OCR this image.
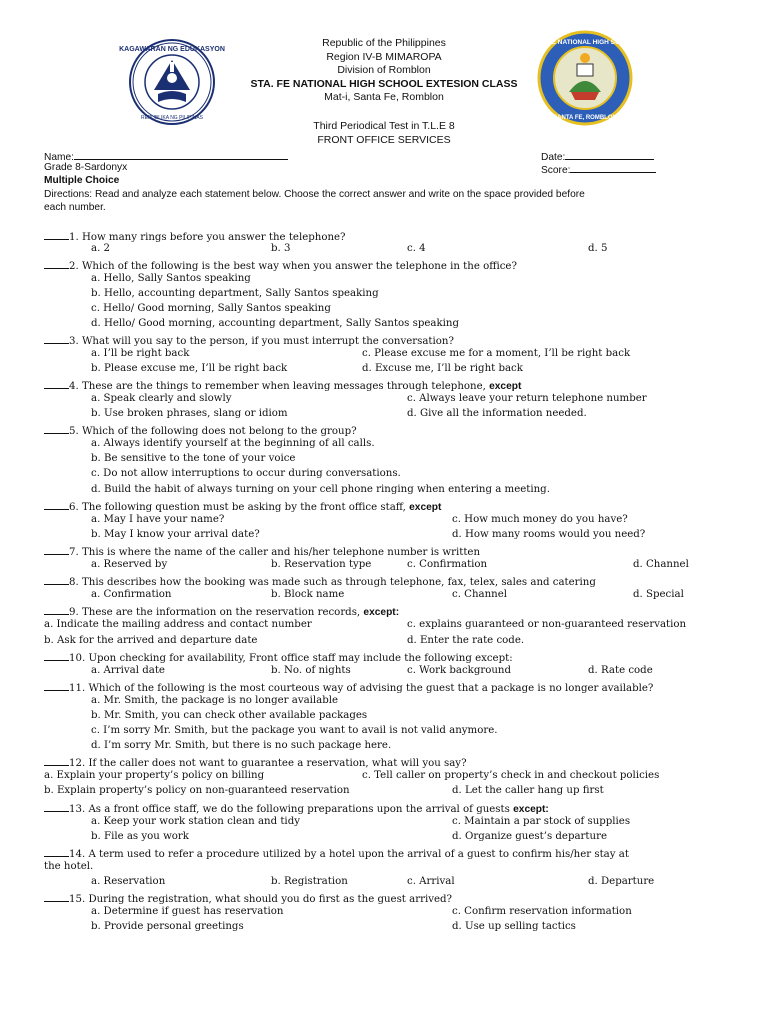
KAGAWARAN NG EDUKASYON
REPUBLIKA NG PILIPINAS
STA. FE NATIONAL HIGH SCHOOL
SANTA FE, ROMBLON
Republic of the Philippines
Region IV-B MIMAROPA
Division of Romblon
STA. FE NATIONAL HIGH SCHOOL EXTESION CLASS
Mat-i, Santa Fe, Romblon
Third Periodical Test in T.L.E 8
FRONT OFFICE SERVICES
Name:	Date:
Grade 8-Sardonyx	Score:
Multiple Choice
Directions: Read and analyze each statement below. Choose the correct answer and write on the space provided before
each number.
1. How many rings before you answer the telephone?
a. 2	b. 3	c. 4	d. 5
2. Which of the following is the best way when you answer the telephone in the office?
a. Hello, Sally Santos speaking
b. Hello, accounting department, Sally Santos speaking
c. Hello/ Good morning, Sally Santos speaking
d. Hello/ Good morning, accounting department, Sally Santos speaking
3. What will you say to the person, if you must interrupt the conversation?
a. I’ll be right back	c. Please excuse me for a moment, I’ll be right back
b. Please excuse me, I’ll be right back	d. Excuse me, I’ll be right back
4. These are the things to remember when leaving messages through telephone, except
a. Speak clearly and slowly	c. Always leave your return telephone number
b. Use broken phrases, slang or idiom	d. Give all the information needed.
5. Which of the following does not belong to the group?
a. Always identify yourself at the beginning of all calls.
b. Be sensitive to the tone of your voice
c. Do not allow interruptions to occur during conversations.
d. Build the habit of always turning on your cell phone ringing when entering a meeting.
6. The following question must be asking by the front office staff, except
a. May I have your name?	c. How much money do you have?
b. May I know your arrival date?	d. How many rooms would you need?
7. This is where the name of the caller and his/her telephone number is written
a. Reserved by	b. Reservation type	c. Confirmation	d. Channel
8. This describes how the booking was made such as through telephone, fax, telex, sales and catering
a. Confirmation	b. Block name	c. Channel	d. Special
9. These are the information on the reservation records, except:
a. Indicate the mailing address and contact number	c. explains guaranteed or non-guaranteed reservation
b. Ask for the arrived and departure date	d. Enter the rate code.
10. Upon checking for availability, Front office staff may include the following except:
a. Arrival date	b. No. of nights	c. Work background	d. Rate code
11. Which of the following is the most courteous way of advising the guest that a package is no longer available?
a. Mr. Smith, the package is no longer available
b. Mr. Smith, you can check other available packages
c. I’m sorry Mr. Smith, but the package you want to avail is not valid anymore.
d. I’m sorry Mr. Smith, but there is no such package here.
12. If the caller does not want to guarantee a reservation, what will you say?
a. Explain your property’s policy on billing	c. Tell caller on property’s check in and checkout policies
b. Explain property’s policy on non-guaranteed reservation	d. Let the caller hang up first
13. As a front office staff, we do the following preparations upon the arrival of guests except:
a. Keep your work station clean and tidy	c. Maintain a par stock of supplies
b. File as you work	d. Organize guest’s departure
14. A term used to refer a procedure utilized by a hotel upon the arrival of a guest to confirm his/her stay at
the hotel.
a. Reservation	b. Registration	c. Arrival	d. Departure
15. During the registration, what should you do first as the guest arrived?
a. Determine if guest has reservation	c. Confirm reservation information
b. Provide personal greetings	d. Use up selling tactics
